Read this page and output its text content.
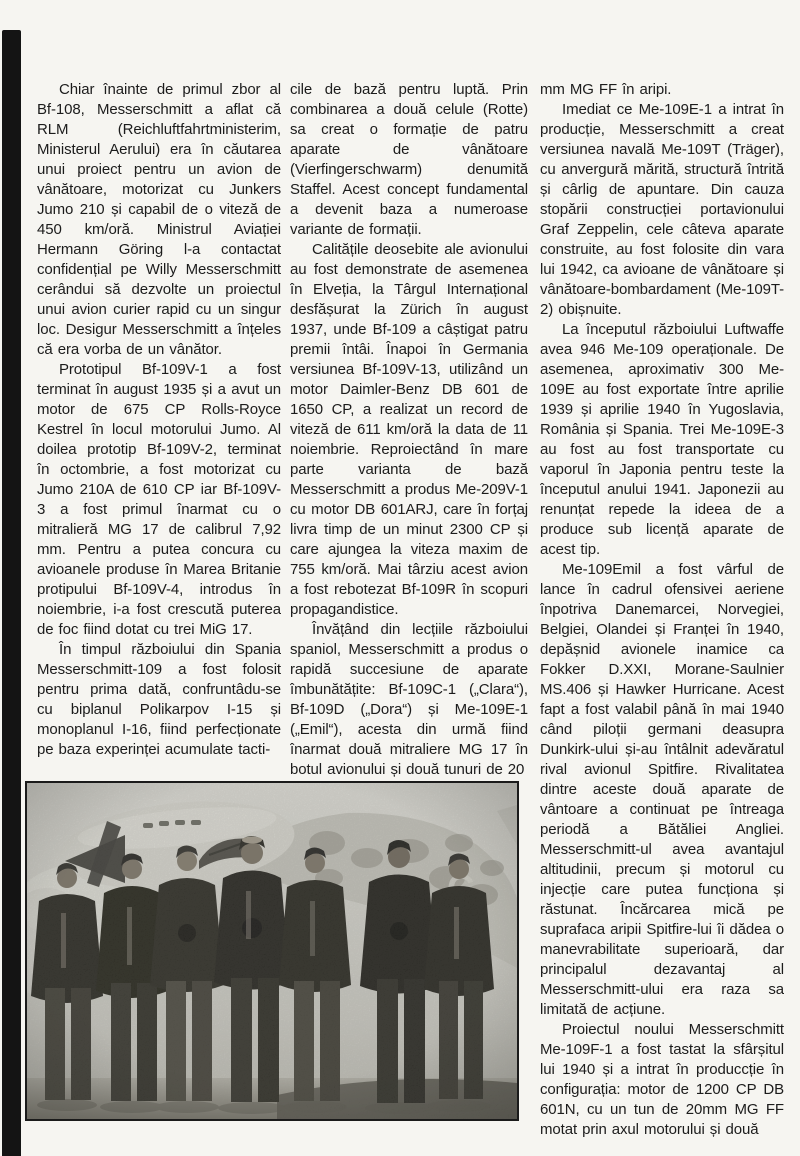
Chiar înainte de primul zbor al Bf-108, Messerschmitt a aflat că RLM (Reichluftfahrtministerim, Ministerul Aerului) era în căutarea unui proiect pentru un avion de vânătoare, motorizat cu Junkers Jumo 210 și capabil de o viteză de 450 km/oră. Ministrul Aviației Hermann Göring l-a contactat confidențial pe Willy Messerschmitt cerândui să dezvolte un proiectul unui avion curier rapid cu un singur loc. Desigur Messerschmitt a înțeles că era vorba de un vânător.

Prototipul Bf-109V-1 a fost terminat în august 1935 și a avut un motor de 675 CP Rolls-Royce Kestrel în locul motorului Jumo. Al doilea prototip Bf-109V-2, terminat în octombrie, a fost motorizat cu Jumo 210A de 610 CP iar Bf-109V-3 a fost primul înarmat cu o mitralieră MG 17 de calibrul 7,92 mm. Pentru a putea concura cu avioanele produse în Marea Britanie protipului Bf-109V-4, introdus în noiembrie, i-a fost crescută puterea de foc fiind dotat cu trei MiG 17.

În timpul războiului din Spania Messerschmitt-109 a fost folosit pentru prima dată, confruntâdu-se cu biplanul Polikarpov I-15 și monoplanul I-16, fiind perfecționate pe baza experinței acumulate tacti-

cile de bază pentru luptă. Prin combinarea a două celule (Rotte) sa creat o formație de patru aparate de vânătoare (Vierfingerschwarm) denumită Staffel. Acest concept fundamental a devenit baza a numeroase variante de formații.

Calitățile deosebite ale avionului au fost demonstrate de asemenea în Elveția, la Târgul Internațional desfășurat la Zürich în august 1937, unde Bf-109 a câștigat patru premii întâi. Înapoi în Germania versiunea Bf-109V-13, utilizând un motor Daimler-Benz DB 601 de 1650 CP, a realizat un record de viteză de 611 km/oră la data de 11 noiembrie. Reproiectând în mare parte varianta de bază Messerschmitt a produs Me-209V-1 cu motor DB 601ARJ, care în forțaj livra timp de un minut 2300 CP și care ajungea la viteza maxim de 755 km/oră. Mai târziu acest avion a fost rebotezat Bf-109R în scopuri propagandistice.

Învățând din lecțiile războiului spaniol, Messerschmitt a produs o rapidă succesiune de aparate îmbunătățite: Bf-109C-1 („Clara“), Bf-109D („Dora“) și Me-109E-1 („Emil“), acesta din urmă fiind înarmat două mitraliere MG 17 în botul avionului și două tunuri de 20

mm MG FF în aripi.

Imediat ce Me-109E-1 a intrat în producție, Messerschmitt a creat versiunea navală Me-109T (Träger), cu anvergură mărită, structură întrită și cârlig de apuntare. Din cauza stopării construcției portavionului Graf Zeppelin, cele câteva aparate construite, au fost folosite din vara lui 1942, ca avioane de vânătoare și vânătoare-bombardament (Me-109T-2) obișnuite.

La începutul războiului Luftwaffe avea 946 Me-109 operaționale. De asemenea, aproximativ 300 Me-109E au fost exportate între aprilie 1939 și aprilie 1940 în Yugoslavia, România și Spania. Trei Me-109E-3 au fost au fost transportate cu vaporul în Japonia pentru teste la începutul anului 1941. Japonezii au renunțat repede la ideea de a produce sub licență aparate de acest tip.

Me-109Emil a fost vârful de lance în cadrul ofensivei aeriene înpotriva Danemarcei, Norvegiei, Belgiei, Olandei și Franței în 1940, depășnid avionele inamice ca Fokker D.XXI, Morane-Saulnier MS.406 și Hawker Hurricane. Acest fapt a fost valabil până în mai 1940 când piloții germani deasupra Dunkirk-ului și-au întâlnit adevăratul rival avionul Spitfire. Rivalitatea dintre aceste două aparate de vântoare a continuat pe întreaga periodă a Bătăliei Angliei. Messerschmitt-ul avea avantajul altitudinii, precum și motorul cu injecție care putea funcționa și răstunat. Încărcarea mică pe suprafaca aripii Spitfire-lui îi dădea o manevrabilitate superioară, dar principalul dezavantaj al Messerschmitt-ului era raza sa limitată de acțiune.

Proiectul noului Messerschmitt Me-109F-1 a fost tastat la sfârșitul lui 1940 și a intrat în produccție în configurația: motor de 1200 CP DB 601N, cu un tun de 20mm MG FF motat prin axul motorului și două
